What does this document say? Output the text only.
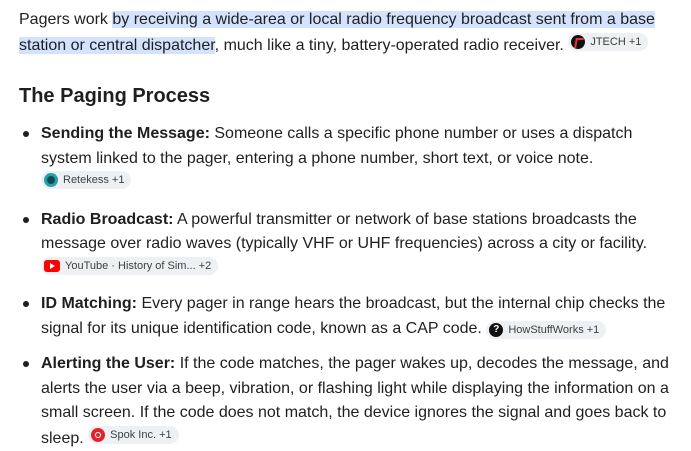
Pagers work by receiving a wide-area or local radio frequency broadcast sent from a base station or central dispatcher, much like a tiny, battery-operated radio receiver. JTECH +1

The Paging Process
Sending the Message: Someone calls a specific phone number or uses a dispatch system linked to the pager, entering a phone number, short text, or voice note.
Retekess +1
Radio Broadcast: A powerful transmitter or network of base stations broadcasts the message over radio waves (typically VHF or UHF frequencies) across a city or facility.
YouTube · History of Sim... +2
ID Matching: Every pager in range hears the broadcast, but the internal chip checks the signal for its unique identification code, known as a CAP code.	? HowStuffWorks +1
Alerting the User: If the code matches, the pager wakes up, decodes the message, and alerts the user via a beep, vibration, or flashing light while displaying the information on a small screen. If the code does not match, the device ignores the signal and goes back to sleep. Spok Inc. +1
